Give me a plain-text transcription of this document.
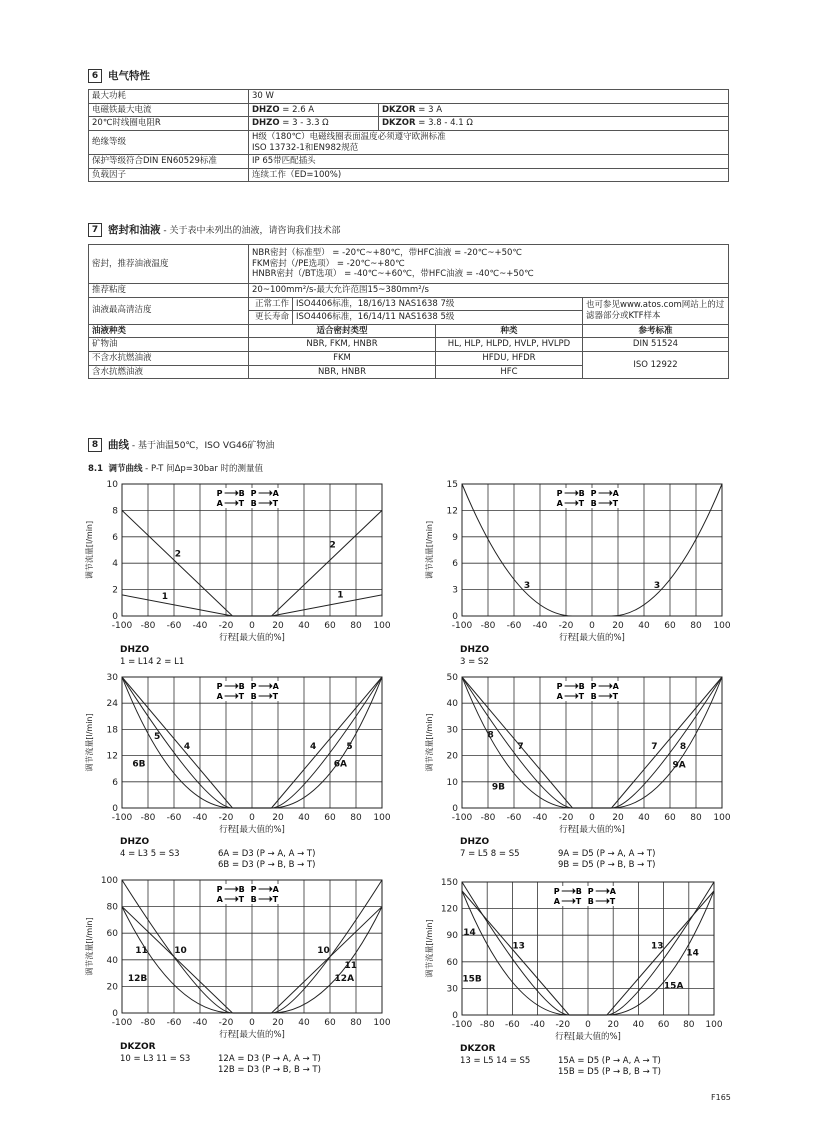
6 电气特性
最大功耗	30 W	
电磁铁最大电流	DHZO = 2.6 A	DKZOR = 3 A
20℃时线圈电阻R	DHZO = 3 - 3.3 Ω	DKZOR = 3.8 - 4.1 Ω
绝缘等级	H级（180℃）电磁线圈表面温度必须遵守欧洲标准
ISO 13732-1和EN982规范	

保护等级符合DIN EN60529标准	IP 65带匹配插头	
负载因子	连续工作（ED=100%)	
7 密封和油液 - 关于表中未列出的油液，请咨询我们技术部
密封，推荐油液温度	NBR密封（标准型） = -20℃~+80℃，带HFC油液 = -20℃~+50℃
FKM密封（/PE选项） = -20℃~+80℃
HNBR密封（/BT选项） = -40℃~+60℃，带HFC油液 = -40℃~+50℃			

推荐粘度	20~100mm²/s-最大允许范围15~380mm²/s			
油液最高清洁度	正常工作	ISO4406标准，18/16/13 NAS1638 7级		也可参见www.atos.com网站上的过滤器部分或KTF样本
	更长寿命	ISO4406标准，16/14/11 NAS1638 5级		
油液种类	适合密封类型		种类	参考标准
矿物油	NBR, FKM, HNBR		HL, HLP, HLPD, HVLP, HVLPD	DIN 51524
不含水抗燃油液	FKM		HFDU, HFDR	ISO 12922
含水抗燃油液	NBR, HNBR		HFC	
8 曲线 - 基于油温50℃，ISO VG46矿物油
8.1 调节曲线 - P-T 间Δp=30bar 时的测量值
-100 -80 -60 -40 -20 0 20 40 60 80 100
0
2
4
6
8
10
2
1
2
1
P B
A T
P A
B T
行程[最大值的%]
调节流量[l/min]
DHZO
1 = L14 2 = L1
-100 -80 -60 -40 -20 0 20 40 60 80 100
0
3
6
9
12
15
3	3
P B
A T
P A
B T
行程[最大值的%]
调节流量[l/min]
DHZO
3 = S2
-100 -80 -60 -40 -20 0 20 40 60 80 100
0
6
12
18
24
30
5
4
6B
4	5
6A
P B
A T
P A
B T
行程[最大值的%]
调节流量[l/min]
DHZO
4 = L3 5 = S3	6A = D3 (P → A, A → T)
6B = D3 (P → B, B → T)
-100 -80 -60 -40 -20 0 20 40 60 80 100
0
10
20
30
40
50
8
7
9B
7 8
9A
P B
A T
P A
B T
行程[最大值的%]
调节流量[l/min]
DHZO
7 = L5 8 = S5	9A = D5 (P → A, A → T)
9B = D5 (P → B, B → T)
-100 -80 -60 -40 -20 0 20 40 60 80 100
0
20
40
60
80
100
11	10
12B
10
11
12A
P B
A T
P A
B T
行程[最大值的%]
调节流量[l/min]
DKZOR
10 = L3 11 = S3	12A = D3 (P → A, A → T)
12B = D3 (P → B, B → T)
-100 -80 -60 -40 -20 0 20 40 60 80 100
0
30
60
90
120
150
14
13
15B
13
14
15A
P B
A T
P A
B T
行程[最大值的%]
调节流量[l/min]
DKZOR
13 = L5 14 = S5	15A = D5 (P → A, A → T)
15B = D5 (P → B, B → T)
F165
